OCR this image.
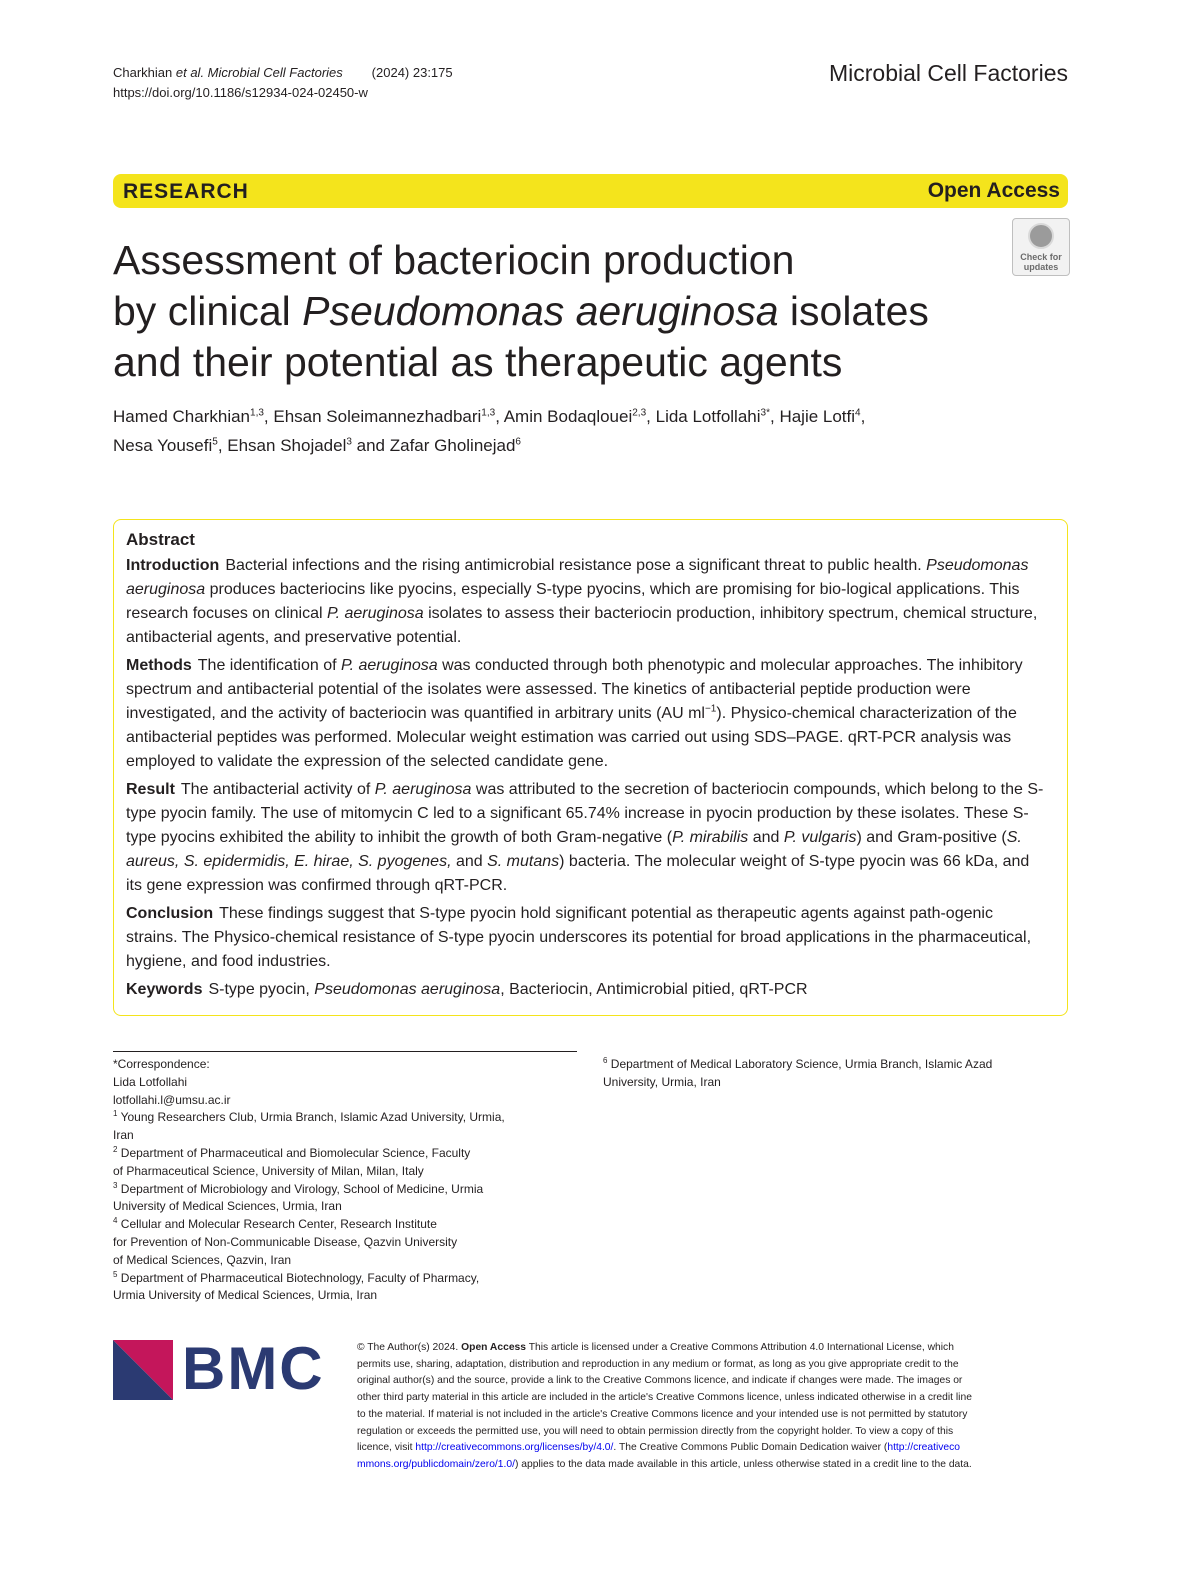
Charkhian et al. Microbial Cell Factories (2024) 23:175
https://doi.org/10.1186/s12934-024-02450-w
Microbial Cell Factories
RESEARCH	Open Access
Check for updates
Assessment of bacteriocin production
by clinical Pseudomonas aeruginosa isolates
and their potential as therapeutic agents
Hamed Charkhian$^{1,3}$, Ehsan Soleimannezhadbari$^{1,3}$, Amin Bodaqlouei$^{2,3}$, Lida Lotfollahi$^{3*}$, Hajie Lotfi$^4$,
Nesa Yousefi$^5$, Ehsan Shojadel$^3$ and Zafar Gholinejad$^6$
Abstract
Introduction Bacterial infections and the rising antimicrobial resistance pose a significant threat to public health. Pseudomonas aeruginosa produces bacteriocins like pyocins, especially S-type pyocins, which are promising for bio-logical applications. This research focuses on clinical P. aeruginosa isolates to assess their bacteriocin production, inhibitory spectrum, chemical structure, antibacterial agents, and preservative potential.
Methods The identification of P. aeruginosa was conducted through both phenotypic and molecular approaches. The inhibitory spectrum and antibacterial potential of the isolates were assessed. The kinetics of antibacterial peptide production were investigated, and the activity of bacteriocin was quantified in arbitrary units (AU $ml^{-1}$). Physico-chemical characterization of the antibacterial peptides was performed. Molecular weight estimation was carried out using SDS–PAGE. qRT-PCR analysis was employed to validate the expression of the selected candidate gene.
Result The antibacterial activity of P. aeruginosa was attributed to the secretion of bacteriocin compounds, which belong to the S-type pyocin family. The use of mitomycin C led to a significant 65.74% increase in pyocin production by these isolates. These S-type pyocins exhibited the ability to inhibit the growth of both Gram-negative (P. mirabilis and P. vulgaris) and Gram-positive (S. aureus, S. epidermidis, E. hirae, S. pyogenes, and S. mutans) bacteria. The molecular weight of S-type pyocin was 66 kDa, and its gene expression was confirmed through qRT-PCR.
Conclusion These findings suggest that S-type pyocin hold significant potential as therapeutic agents against path-ogenic strains. The Physico-chemical resistance of S-type pyocin underscores its potential for broad applications in the pharmaceutical, hygiene, and food industries.
Keywords S-type pyocin, Pseudomonas aeruginosa, Bacteriocin, Antimicrobial pitied, qRT-PCR
*Correspondence:
Lida Lotfollahi
lotfollahi.l@umsu.ac.ir
$^1$ Young Researchers Club, Urmia Branch, Islamic Azad University, Urmia,
Iran
$^2$ Department of Pharmaceutical and Biomolecular Science, Faculty
of Pharmaceutical Science, University of Milan, Milan, Italy
$^3$ Department of Microbiology and Virology, School of Medicine, Urmia
University of Medical Sciences, Urmia, Iran
$^4$ Cellular and Molecular Research Center, Research Institute
for Prevention of Non-Communicable Disease, Qazvin University
of Medical Sciences, Qazvin, Iran
$^5$ Department of Pharmaceutical Biotechnology, Faculty of Pharmacy,
Urmia University of Medical Sciences, Urmia, Iran
$^6$ Department of Medical Laboratory Science, Urmia Branch, Islamic Azad
University, Urmia, Iran
BMC	© The Author(s) 2024. Open Access This article is licensed under a Creative Commons Attribution 4.0 International License, which
permits use, sharing, adaptation, distribution and reproduction in any medium or format, as long as you give appropriate credit to the
original author(s) and the source, provide a link to the Creative Commons licence, and indicate if changes were made. The images or
other third party material in this article are included in the article's Creative Commons licence, unless indicated otherwise in a credit line
to the material. If material is not included in the article's Creative Commons licence and your intended use is not permitted by statutory
regulation or exceeds the permitted use, you will need to obtain permission directly from the copyright holder. To view a copy of this
licence, visit http://creativecommons.org/licenses/by/4.0/. The Creative Commons Public Domain Dedication waiver (http://creativeco
mmons.org/publicdomain/zero/1.0/) applies to the data made available in this article, unless otherwise stated in a credit line to the data.
